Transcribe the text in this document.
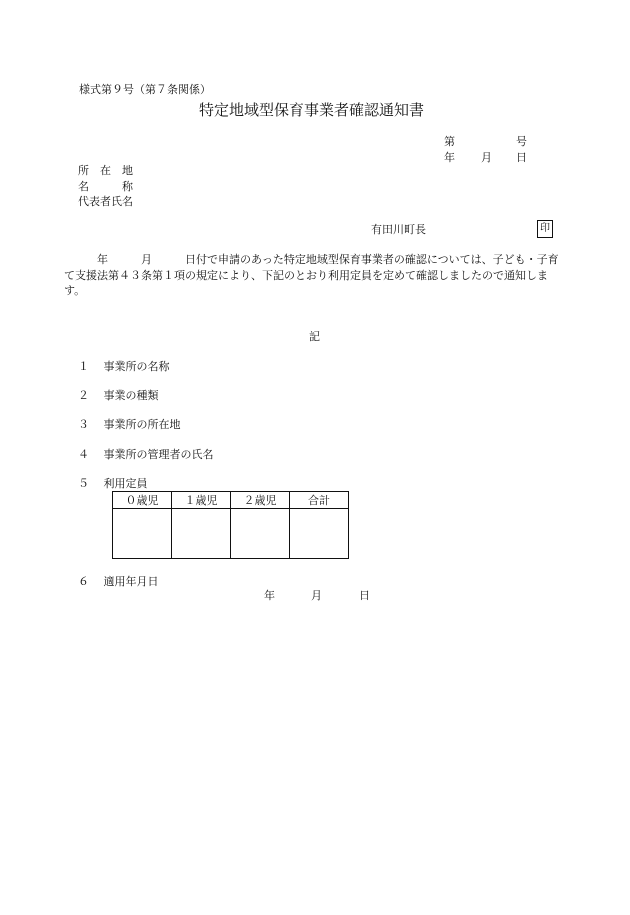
様式第９号（第７条関係）
特定地域型保育事業者確認通知書
第	号
年 月 日
所　在　地
名　　　称
代表者氏名
有田川町長	印
　　　年　　　月　　　日付で申請のあった特定地域型保育事業者の確認については、子ども・子育て支援法第４３条第１項の規定により、下記のとおり利用定員を定めて確認しましたので通知します。
記
１　 事業所の名称
２　 事業の種類
３　 事業所の所在地
４　 事業所の管理者の氏名
５　 利用定員
０歳児	１歳児	２歳児	合計

６　 適用年月日
年	月	日
